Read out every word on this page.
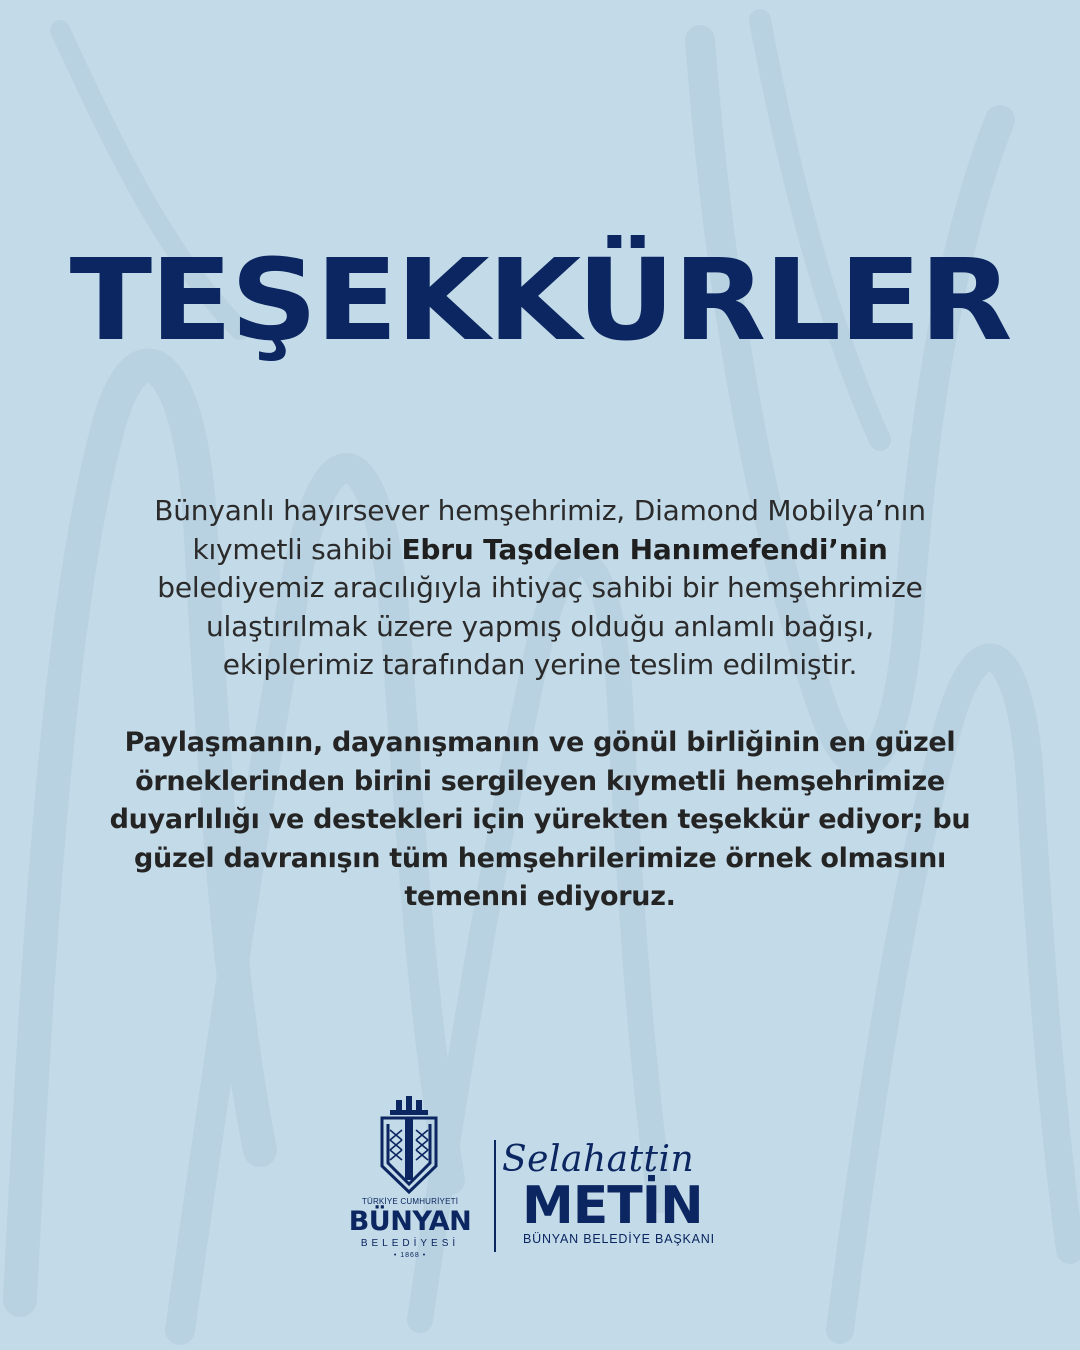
TEŞEKKÜRLER
Bünyanlı hayırsever hemşehrimiz, Diamond Mobilya’nın
kıymetli sahibi Ebru Taşdelen Hanımefendi’nin
belediyemiz aracılığıyla ihtiyaç sahibi bir hemşehrimize
ulaştırılmak üzere yapmış olduğu anlamlı bağışı,
ekiplerimiz tarafından yerine teslim edilmiştir.
Paylaşmanın, dayanışmanın ve gönül birliğinin en güzel
örneklerinden birini sergileyen kıymetli hemşehrimize
duyarlılığı ve destekleri için yürekten teşekkür ediyor; bu
güzel davranışın tüm hemşehrilerimize örnek olmasını
temenni ediyoruz.
TÜRKİYE CUMHURİYETİ
BÜNYAN
BELEDİYESİ
• 1868 •
Selahattin
METİN
BÜNYAN BELEDİYE BAŞKANI
